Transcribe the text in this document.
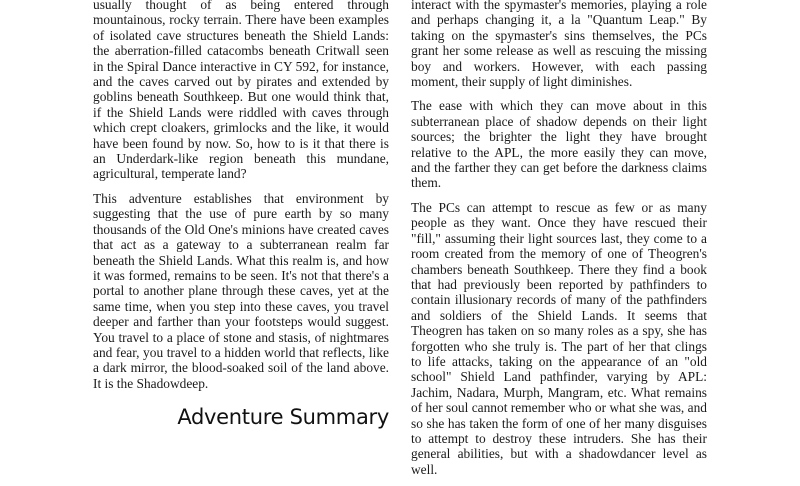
usually thought of as being entered through mountainous, rocky terrain. There have been examples of isolated cave structures beneath the Shield Lands: the aberration-filled catacombs beneath Critwall seen in the Spiral Dance interactive in CY 592, for instance, and the caves carved out by pirates and extended by goblins beneath Southkeep. But one would think that, if the Shield Lands were riddled with caves through which crept cloakers, grimlocks and the like, it would have been found by now. So, how to is it that there is an Underdark-like region beneath this mundane, agricultural, temperate land?

This adventure establishes that environment by suggesting that the use of pure earth by so many thousands of the Old One's minions have created caves that act as a gateway to a subterranean realm far beneath the Shield Lands. What this realm is, and how it was formed, remains to be seen. It's not that there's a portal to another plane through these caves, yet at the same time, when you step into these caves, you travel deeper and farther than your footsteps would suggest. You travel to a place of stone and stasis, of nightmares and fear, you travel to a hidden world that reflects, like a dark mirror, the blood-soaked soil of the land above. It is the Shadowdeep.

Adventure Summary

interact with the spymaster's memories, playing a role and perhaps changing it, a la "Quantum Leap." By taking on the spymaster's sins themselves, the PCs grant her some release as well as rescuing the missing boy and workers. However, with each passing moment, their supply of light diminishes.

The ease with which they can move about in this subterranean place of shadow depends on their light sources; the brighter the light they have brought relative to the APL, the more easily they can move, and the farther they can get before the darkness claims them.

The PCs can attempt to rescue as few or as many people as they want. Once they have rescued their "fill," assuming their light sources last, they come to a room created from the memory of one of Theogren's chambers beneath Southkeep. There they find a book that had previously been reported by pathfinders to contain illusionary records of many of the pathfinders and soldiers of the Shield Lands. It seems that Theogren has taken on so many roles as a spy, she has forgotten who she truly is. The part of her that clings to life attacks, taking on the appearance of an "old school" Shield Land pathfinder, varying by APL: Jachim, Nadara, Murph, Mangram, etc. What remains of her soul cannot remember who or what she was, and so she has taken the form of one of her many disguises to attempt to destroy these intruders. She has their general abilities, but with a shadowdancer level as well.
